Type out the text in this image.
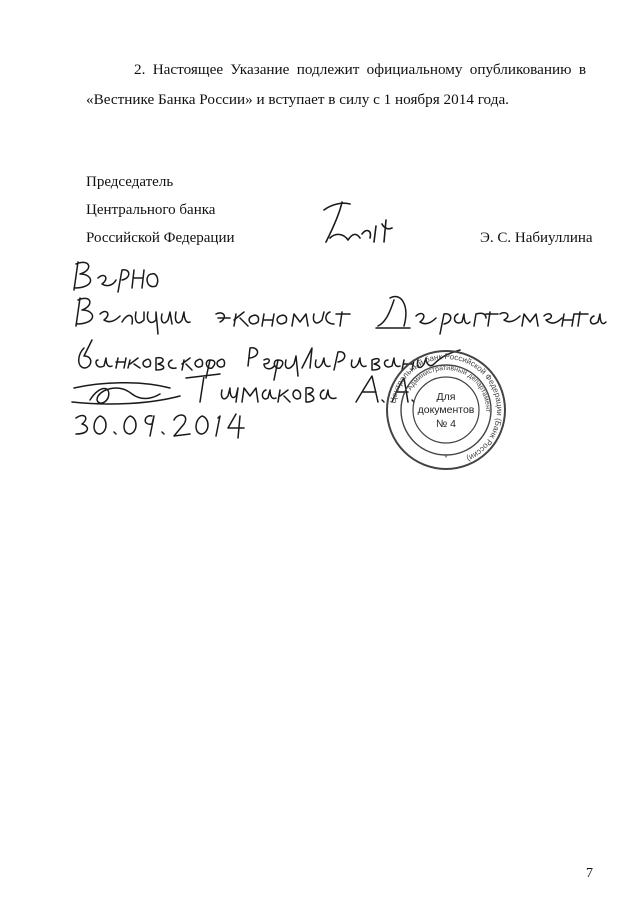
2. Настоящее Указание подлежит официальному опубликованию в
«Вестнике Банка России» и вступает в силу с 1 ноября 2014 года.

Председатель
Центрального банка
Российской Федерации	Э. С. Набиуллина
Центральный банк Российской Федерации (Банк России)
Административный департамент
Для
документов
№ 4
*
7
